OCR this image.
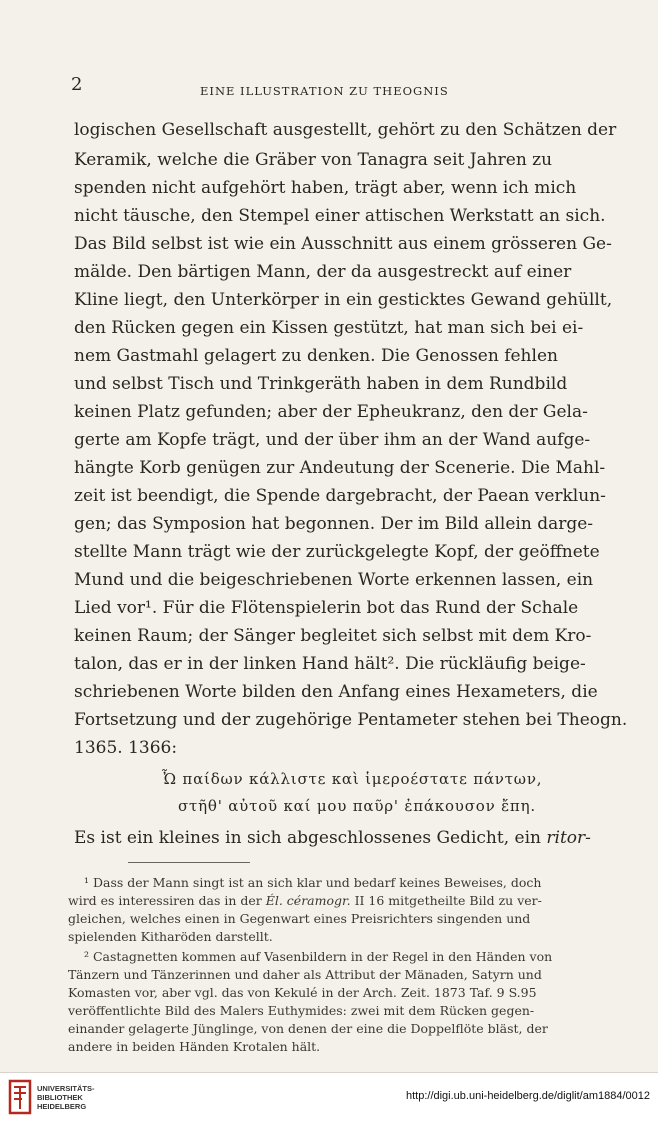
2	EINE ILLUSTRATION ZU THEOGNIS
logischen Gesellschaft ausgestellt, gehört zu den Schätzen der
Keramik, welche die Gräber von Tanagra seit Jahren zu
spenden nicht aufgehört haben, trägt aber, wenn ich mich
nicht täusche, den Stempel einer attischen Werkstatt an sich.
Das Bild selbst ist wie ein Ausschnitt aus einem grösseren Ge-
mälde. Den bärtigen Mann, der da ausgestreckt auf einer
Kline liegt, den Unterkörper in ein gesticktes Gewand gehüllt,
den Rücken gegen ein Kissen gestützt, hat man sich bei ei-
nem Gastmahl gelagert zu denken. Die Genossen fehlen
und selbst Tisch und Trinkgeräth haben in dem Rundbild
keinen Platz gefunden; aber der Epheukranz, den der Gela-
gerte am Kopfe trägt, und der über ihm an der Wand aufge-
hängte Korb genügen zur Andeutung der Scenerie. Die Mahl-
zeit ist beendigt, die Spende dargebracht, der Paean verklun-
gen; das Symposion hat begonnen. Der im Bild allein darge-
stellte Mann trägt wie der zurückgelegte Kopf, der geöffnete
Mund und die beigeschriebenen Worte erkennen lassen, ein
Lied vor¹. Für die Flötenspielerin bot das Rund der Schale
keinen Raum; der Sänger begleitet sich selbst mit dem Kro-
talon, das er in der linken Hand hält². Die rückläufig beige-
schriebenen Worte bilden den Anfang eines Hexameters, die
Fortsetzung und der zugehörige Pentameter stehen bei Theogn.
1365. 1366:
Ὦ παίδων κάλλιστε καὶ ἱμεροέστατε πάντων,
στῆθ' αὐτοῦ καί μου παῦρ' ἐπάκουσον ἔπη.
Es ist ein kleines in sich abgeschlossenes Gedicht, ein ritor-
¹ Dass der Mann singt ist an sich klar und bedarf keines Beweises, doch
wird es interessiren das in der Él. céramogr. II 16 mitgetheilte Bild zu ver-
gleichen, welches einen in Gegenwart eines Preisrichters singenden und
spielenden Kitharöden darstellt.
² Castagnetten kommen auf Vasenbildern in der Regel in den Händen von
Tänzern und Tänzerinnen und daher als Attribut der Mänaden, Satyrn und
Komasten vor, aber vgl. das von Kekulé in der Arch. Zeit. 1873 Taf. 9 S.95
veröffentlichte Bild des Malers Euthymides: zwei mit dem Rücken gegen-
einander gelagerte Jünglinge, von denen der eine die Doppelflöte bläst, der
andere in beiden Händen Krotalen hält.
UNIVERSITÄTS-
BIBLIOTHEK
HEIDELBERG
http://digi.ub.uni-heidelberg.de/diglit/am1884/0012
